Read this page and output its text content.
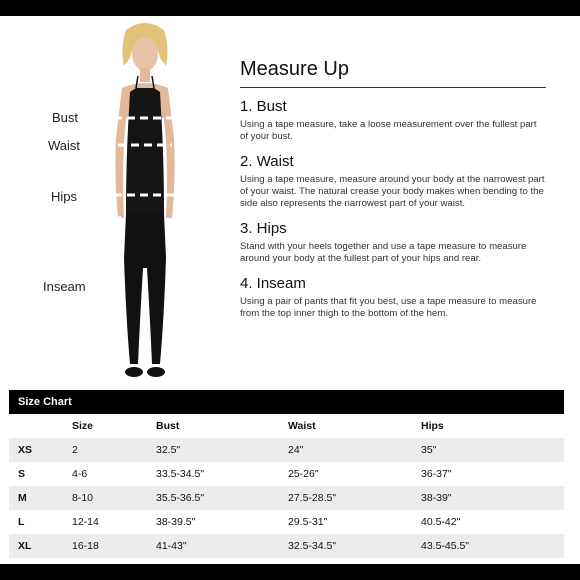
Bust
Waist
Hips
Inseam
Measure Up
1. Bust

Using a tape measure, take a loose measurement over the fullest part of your bust.

2. Waist

Using a tape measure, measure around your body at the narrowest part of your waist. The natural crease your body makes when bending to the side also represents the narrowest part of your waist.

3. Hips

Stand with your heels together and use a tape measure to measure around your body at the fullest part of your hips and rear.

4. Inseam

Using a pair of pants that fit you best, use a tape measure to measure from the top inner thigh to the bottom of the hem.

Size Chart
	Size	Bust	Waist	Hips
XS	2	32.5"	24"	35"
S	4-6	33.5-34.5"	25-26"	36-37"
M	8-10	35.5-36.5"	27.5-28.5"	38-39"
L	12-14	38-39.5"	29.5-31"	40.5-42"
XL	16-18	41-43"	32.5-34.5"	43.5-45.5"
